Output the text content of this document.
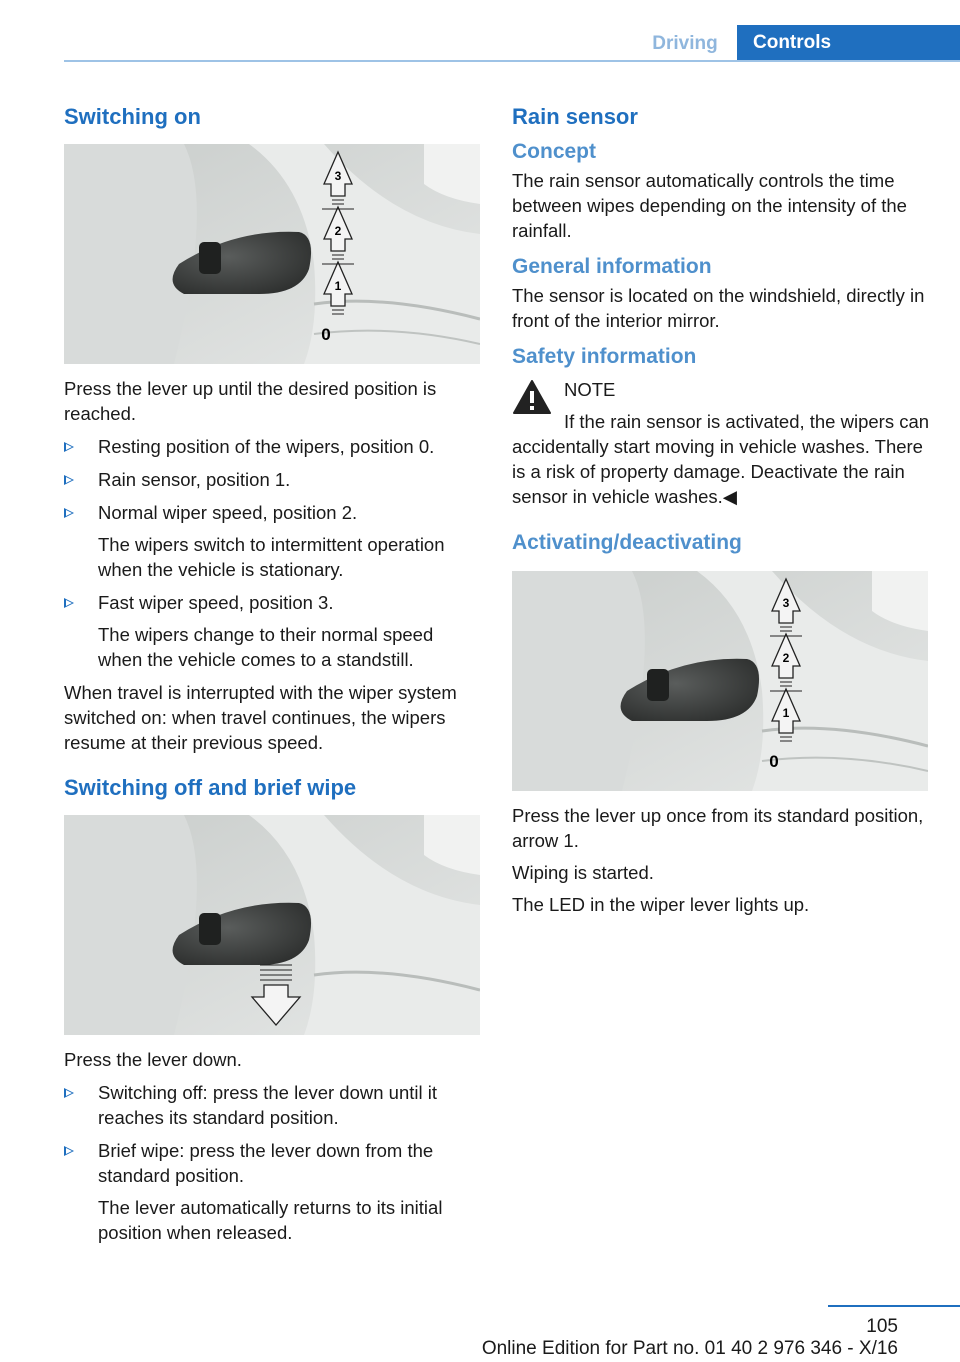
Driving	Controls
Switching on
3
2
1
0

Press the lever up until the desired position is reached.

Resting position of the wipers, position 0.
Rain sensor, position 1.
Normal wiper speed, position 2.

The wipers switch to intermittent operation when the vehicle is stationary.

Fast wiper speed, position 3.

The wipers change to their normal speed when the vehicle comes to a standstill.

When travel is interrupted with the wiper system switched on: when travel continues, the wipers resume at their previous speed.

Switching off and brief wipe

Press the lever down.

Switching off: press the lever down until it reaches its standard position.
Brief wipe: press the lever down from the standard position.

The lever automatically returns to its initial position when released.

Rain sensor
Concept

The rain sensor automatically controls the time between wipes depending on the intensity of the rainfall.

General information

The sensor is located on the windshield, directly in front of the interior mirror.

Safety information

NOTE

If the rain sensor is activated, the wipers can accidentally start moving in vehicle washes. There is a risk of property damage. Deactivate the rain sensor in vehicle washes.◀

Activating/deactivating
3
2
1
0

Press the lever up once from its standard position, arrow 1.

Wiping is started.

The LED in the wiper lever lights up.

105
Online Edition for Part no. 01 40 2 976 346 - X/16
